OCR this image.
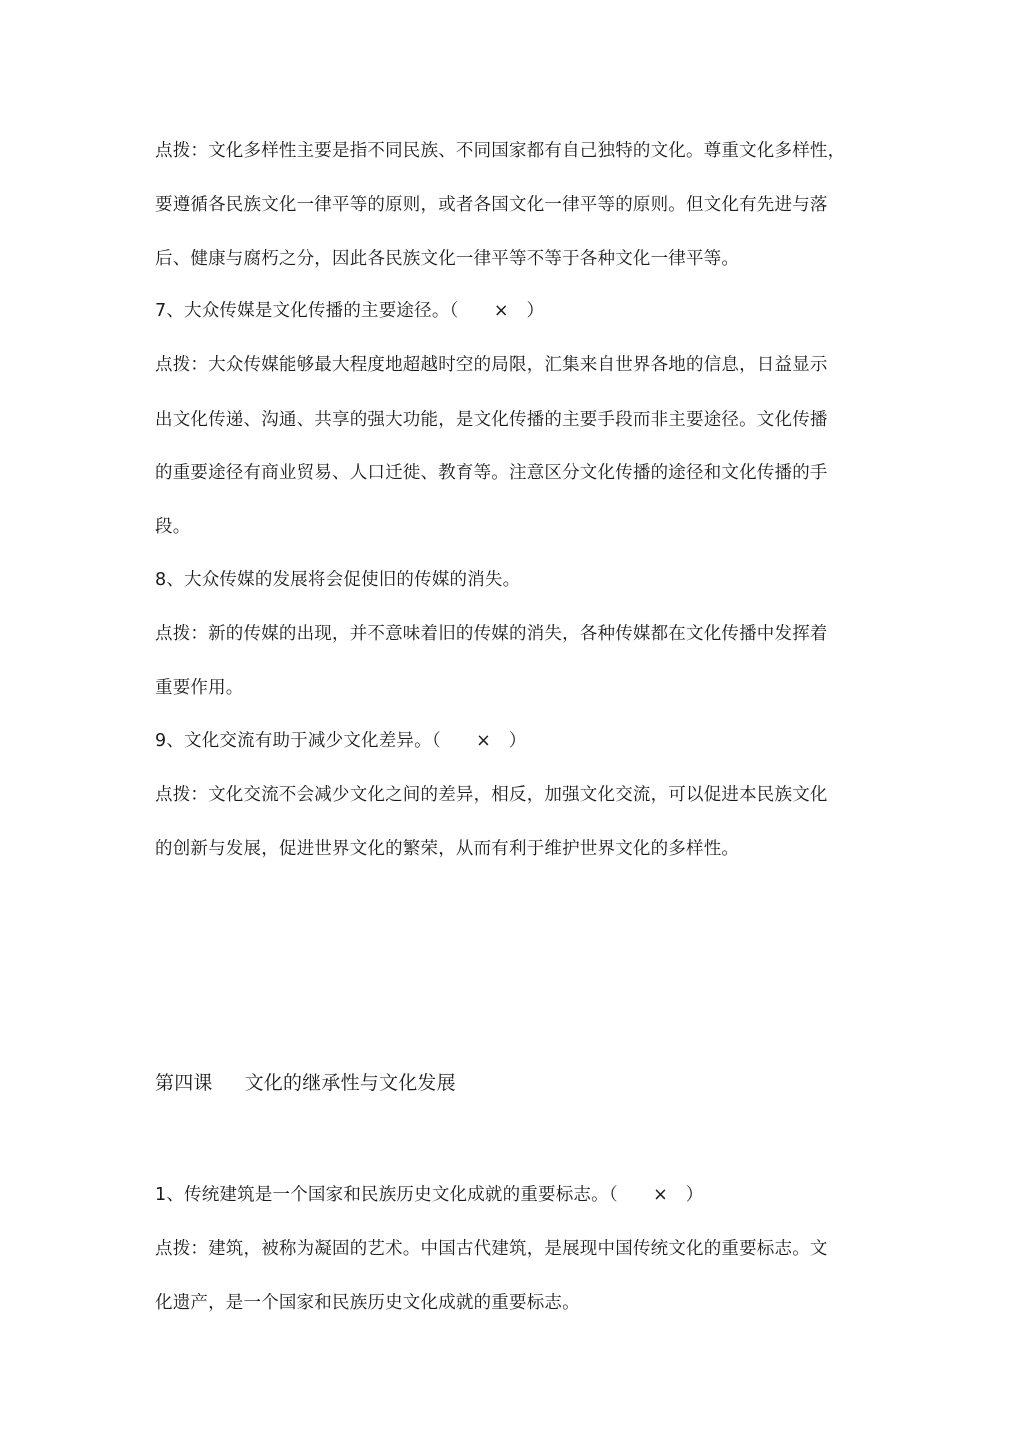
点拨：文化多样性主要是指不同民族、不同国家都有自己独特的文化。尊重文化多样性，
要遵循各民族文化一律平等的原则，或者各国文化一律平等的原则。但文化有先进与落
后、健康与腐朽之分，因此各民族文化一律平等不等于各种文化一律平等。
7、大众传媒是文化传播的主要途径。（　　×　）
点拨：大众传媒能够最大程度地超越时空的局限，汇集来自世界各地的信息，日益显示
出文化传递、沟通、共享的强大功能，是文化传播的主要手段而非主要途径。文化传播
的重要途径有商业贸易、人口迁徙、教育等。注意区分文化传播的途径和文化传播的手
段。
8、大众传媒的发展将会促使旧的传媒的消失。
点拨：新的传媒的出现，并不意味着旧的传媒的消失，各种传媒都在文化传播中发挥着
重要作用。
9、文化交流有助于减少文化差异。（　　×　）
点拨：文化交流不会减少文化之间的差异，相反，加强文化交流，可以促进本民族文化
的创新与发展，促进世界文化的繁荣，从而有利于维护世界文化的多样性。
第四课 文化的继承性与文化发展
1、传统建筑是一个国家和民族历史文化成就的重要标志。（　　×　）
点拨：建筑，被称为凝固的艺术。中国古代建筑，是展现中国传统文化的重要标志。文
化遗产，是一个国家和民族历史文化成就的重要标志。
